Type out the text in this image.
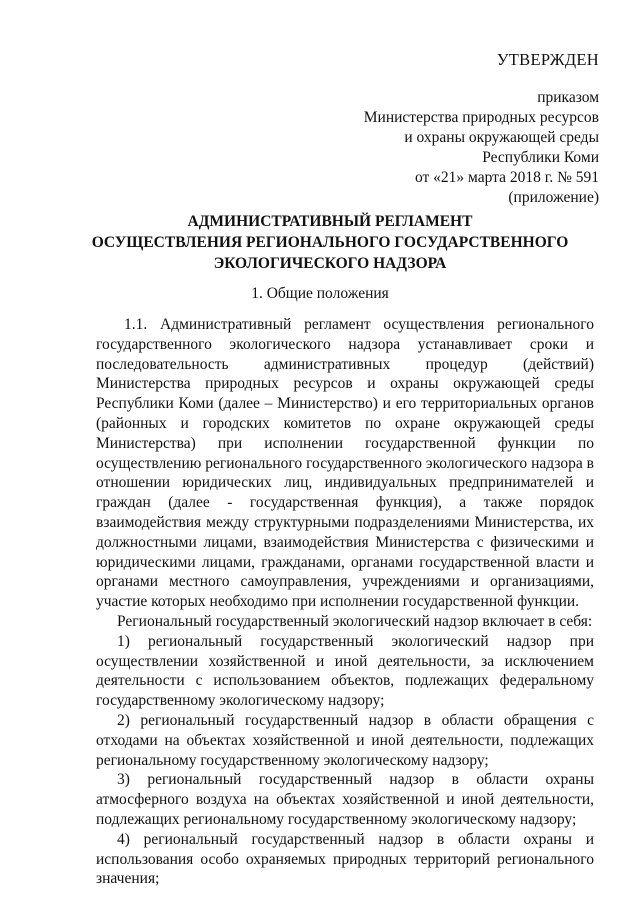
УТВЕРЖДЕН
приказом
Министерства природных ресурсов
и охраны окружающей среды
Республики Коми
от «21» марта 2018 г. № 591
(приложение)
АДМИНИСТРАТИВНЫЙ РЕГЛАМЕНТ
ОСУЩЕСТВЛЕНИЯ РЕГИОНАЛЬНОГО ГОСУДАРСТВЕННОГО
ЭКОЛОГИЧЕСКОГО НАДЗОРА
1. Общие положения

1.1. Административный регламент осуществления регионального государственного экологического надзора устанавливает сроки и последовательность административных процедур (действий) Министерства природных ресурсов и охраны окружающей среды Республики Коми (далее – Министерство) и его территориальных органов (районных и городских комитетов по охране окружающей среды Министерства) при исполнении государственной функции по осуществлению регионального государственного экологического надзора в отношении юридических лиц, индивидуальных предпринимателей и граждан (далее - государственная функция), а также порядок взаимодействия между структурными подразделениями Министерства, их должностными лицами, взаимодействия Министерства с физическими и юридическими лицами, гражданами, органами государственной власти и органами местного самоуправления, учреждениями и организациями, участие которых необходимо при исполнении государственной функции.

Региональный государственный экологический надзор включает в себя:

1) региональный государственный экологический надзор при осуществлении хозяйственной и иной деятельности, за исключением деятельности с использованием объектов, подлежащих федеральному государственному экологическому надзору;

2) региональный государственный надзор в области обращения с отходами на объектах хозяйственной и иной деятельности, подлежащих региональному государственному экологическому надзору;

3) региональный государственный надзор в области охраны атмосферного воздуха на объектах хозяйственной и иной деятельности, подлежащих региональному государственному экологическому надзору;

4) региональный государственный надзор в области охраны и использования особо охраняемых природных территорий регионального значения;
